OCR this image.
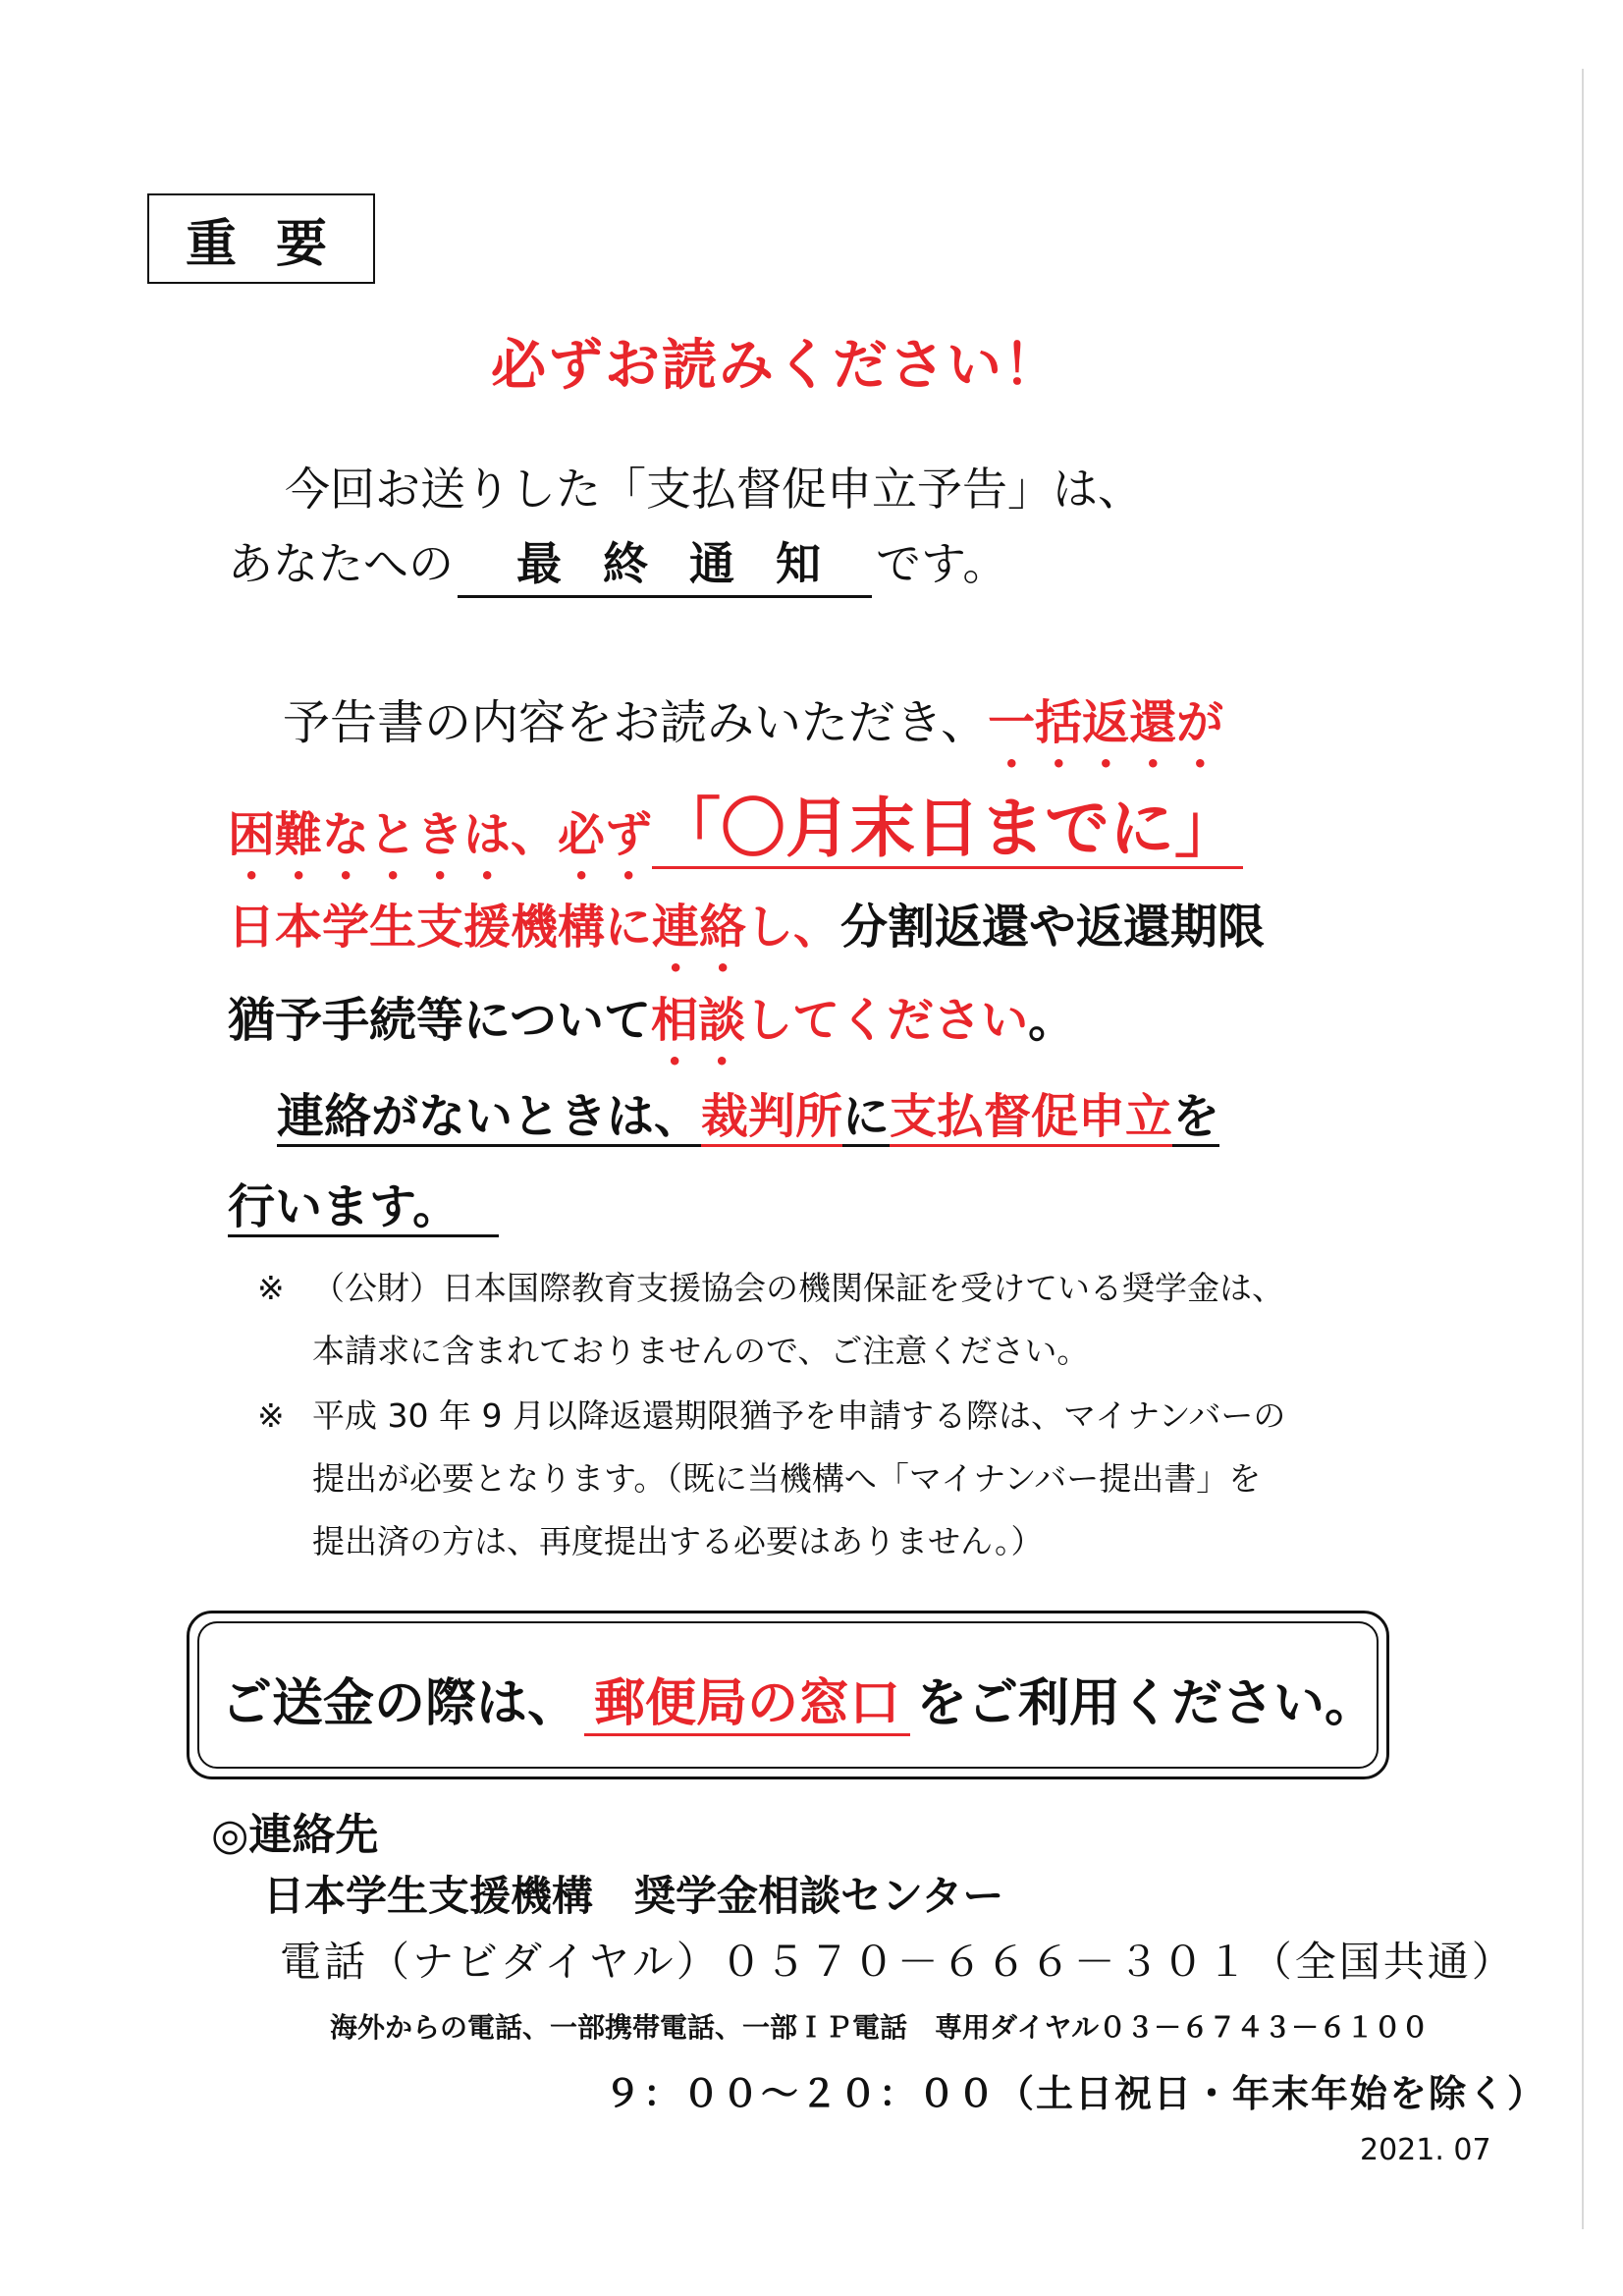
重要
必ずお読みください！
今回お送りした「支払督促申立予告」は、
あなたへの 最終通知 です。
予告書の内容をお読みいただき、一括返還が
困難なときは、必ず「〇月末日までに」
日本学生支援機構に連絡し、分割返還や返還期限
猶予手続等について相談してください。
連絡がないときは、裁判所に支払督促申立を
行います。
※ （公財）日本国際教育支援協会の機関保証を受けている奨学金は、
本請求に含まれておりませんので、ご注意ください。
※ 平成 30 年 9 月以降返還期限猶予を申請する際は、マイナンバーの
提出が必要となります。（既に当機構へ「マイナンバー提出書」を
提出済の方は、再度提出する必要はありません。）
ご送金の際は、 郵便局の窓口 をご利用ください。
◎連絡先
日本学生支援機構　奨学金相談センター
電話（ナビダイヤル）０５７０－６６６－３０１（全国共通）
海外からの電話、一部携帯電話、一部ＩＰ電話　専用ダイヤル０３－６７４３－６１００
９：００～２０：００（土日祝日・年末年始を除く）
2021. 07
